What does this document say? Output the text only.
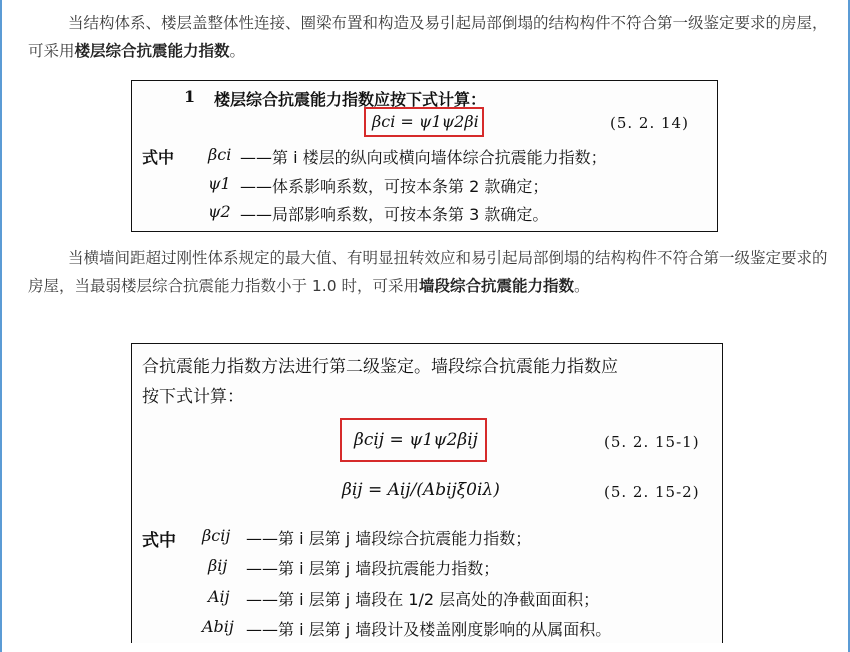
当结构体系、楼层盖整体性连接、圈梁布置和构造及易引起局部倒塌的结构构件不符合第一级鉴定要求的房屋，可采用楼层综合抗震能力指数。
1 楼层综合抗震能力指数应按下式计算：
βci = ψ1ψ2βi	(5. 2. 14)
式中 βci ——第 i 楼层的纵向或横向墙体综合抗震能力指数；
ψ1 ——体系影响系数，可按本条第 2 款确定；
ψ2 ——局部影响系数，可按本条第 3 款确定。
当横墙间距超过刚性体系规定的最大值、有明显扭转效应和易引起局部倒塌的结构构件不符合第一级鉴定要求的房屋，当最弱楼层综合抗震能力指数小于 1.0 时，可采用墙段综合抗震能力指数。
合抗震能力指数方法进行第二级鉴定。墙段综合抗震能力指数应
按下式计算：
βcij = ψ1ψ2βij	(5. 2. 15-1)
βij = Aij/(Abijξ0iλ)	(5. 2. 15-2)
式中 βcij ——第 i 层第 j 墙段综合抗震能力指数；
βij	——第 i 层第 j 墙段抗震能力指数；
Aij	——第 i 层第 j 墙段在 1/2 层高处的净截面面积；
Abij ——第 i 层第 j 墙段计及楼盖刚度影响的从属面积。
